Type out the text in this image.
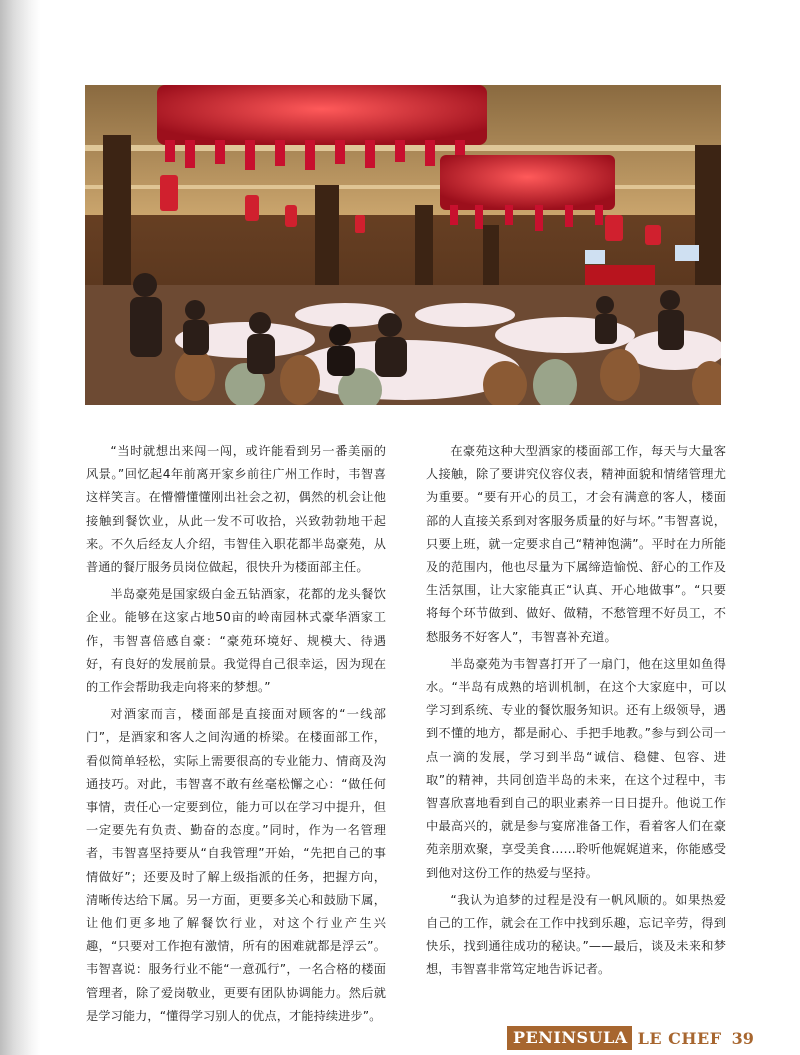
“当时就想出来闯一闯，或许能看到另一番美丽的风景。”回忆起4年前离开家乡前往广州工作时，韦智喜这样笑言。在懵懵懂懂刚出社会之初，偶然的机会让他接触到餐饮业，从此一发不可收拾，兴致勃勃地干起来。不久后经友人介绍，韦智佳入职花都半岛豪苑，从普通的餐厅服务员岗位做起，很快升为楼面部主任。

半岛豪苑是国家级白金五钻酒家，花都的龙头餐饮企业。能够在这家占地50亩的岭南园林式豪华酒家工作，韦智喜倍感自豪：“豪苑环境好、规模大、待遇好，有良好的发展前景。我觉得自己很幸运，因为现在的工作会帮助我走向将来的梦想。”

对酒家而言，楼面部是直接面对顾客的“一线部门”，是酒家和客人之间沟通的桥梁。在楼面部工作，看似简单轻松，实际上需要很高的专业能力、情商及沟通技巧。对此，韦智喜不敢有丝毫松懈之心：“做任何事情，责任心一定要到位，能力可以在学习中提升，但一定要先有负责、勤奋的态度。”同时，作为一名管理者，韦智喜坚持要从“自我管理”开始，“先把自己的事情做好”；还要及时了解上级指派的任务，把握方向，清晰传达给下属。另一方面，更要多关心和鼓励下属，让他们更多地了解餐饮行业，对这个行业产生兴趣，“只要对工作抱有激情，所有的困难就都是浮云”。韦智喜说：服务行业不能“一意孤行”，一名合格的楼面管理者，除了爱岗敬业，更要有团队协调能力。然后就是学习能力，“懂得学习别人的优点，才能持续进步”。

在豪苑这种大型酒家的楼面部工作，每天与大量客人接触，除了要讲究仪容仪表，精神面貌和情绪管理尤为重要。“要有开心的员工，才会有满意的客人，楼面部的人直接关系到对客服务质量的好与坏。”韦智喜说，只要上班，就一定要求自己“精神饱满”。平时在力所能及的范围内，他也尽量为下属缔造愉悦、舒心的工作及生活氛围，让大家能真正“认真、开心地做事”。“只要将每个环节做到、做好、做精，不愁管理不好员工，不愁服务不好客人”，韦智喜补充道。

半岛豪苑为韦智喜打开了一扇门，他在这里如鱼得水。“半岛有成熟的培训机制，在这个大家庭中，可以学习到系统、专业的餐饮服务知识。还有上级领导，遇到不懂的地方，都是耐心、手把手地教。”参与到公司一点一滴的发展，学习到半岛“诚信、稳健、包容、进取”的精神，共同创造半岛的未来，在这个过程中，韦智喜欣喜地看到自己的职业素养一日日提升。他说工作中最高兴的，就是参与宴席准备工作，看着客人们在豪苑亲朋欢聚，享受美食……聆听他娓娓道来，你能感受到他对这份工作的热爱与坚持。

“我认为追梦的过程是没有一帆风顺的。如果热爱自己的工作，就会在工作中找到乐趣，忘记辛劳，得到快乐，找到通往成功的秘诀。”——最后，谈及未来和梦想，韦智喜非常笃定地告诉记者。

PENINSULA LE CHEF 39
